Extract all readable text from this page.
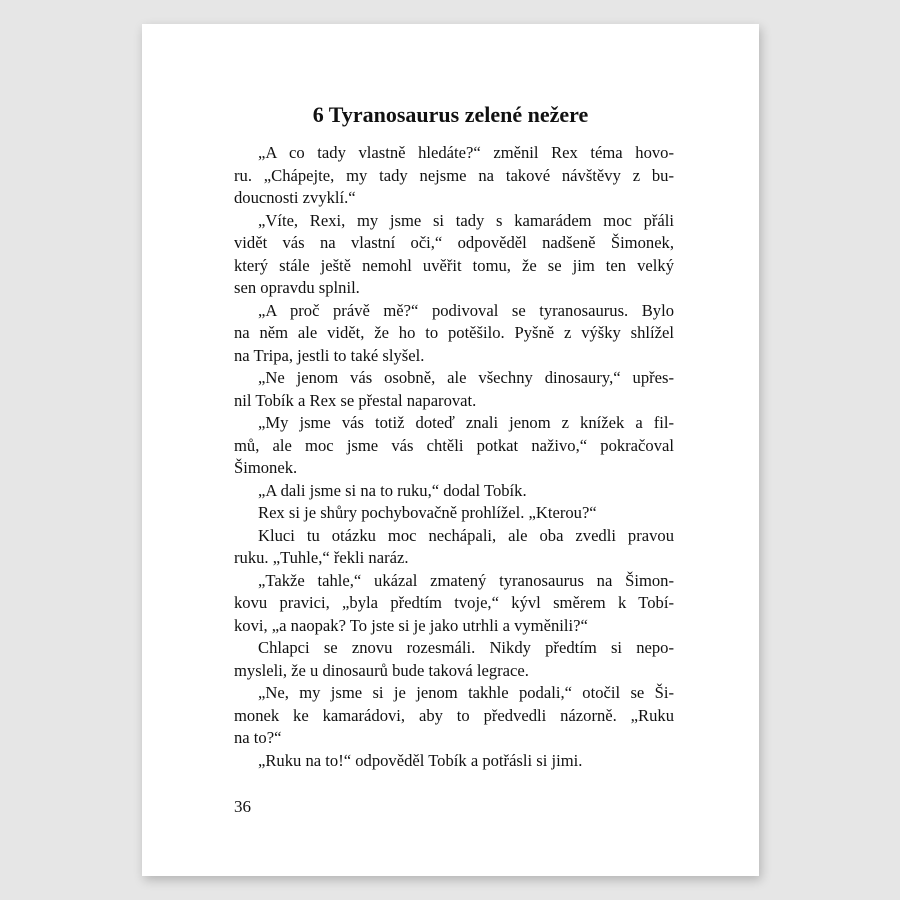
6 Tyranosaurus zelené nežere
„A co tady vlastně hledáte?“ změnil Rex téma hovo-
ru. „Chápejte, my tady nejsme na takové návštěvy z bu-
doucnosti zvyklí.“
„Víte, Rexi, my jsme si tady s kamarádem moc přáli
vidět vás na vlastní oči,“ odpověděl nadšeně Šimonek,
který stále ještě nemohl uvěřit tomu, že se jim ten velký
sen opravdu splnil.
„A proč právě mě?“ podivoval se tyranosaurus. Bylo
na něm ale vidět, že ho to potěšilo. Pyšně z výšky shlížel
na Tripa, jestli to také slyšel.
„Ne jenom vás osobně, ale všechny dinosaury,“ upřes-
nil Tobík a Rex se přestal naparovat.
„My jsme vás totiž doteď znali jenom z knížek a fil-
mů, ale moc jsme vás chtěli potkat naživo,“ pokračoval
Šimonek.
„A dali jsme si na to ruku,“ dodal Tobík.
Rex si je shůry pochybovačně prohlížel. „Kterou?“
Kluci tu otázku moc nechápali, ale oba zvedli pravou
ruku. „Tuhle,“ řekli naráz.
„Takže tahle,“ ukázal zmatený tyranosaurus na Šimon-
kovu pravici, „byla předtím tvoje,“ kývl směrem k Tobí-
kovi, „a naopak? To jste si je jako utrhli a vyměnili?“
Chlapci se znovu rozesmáli. Nikdy předtím si nepo-
mysleli, že u dinosaurů bude taková legrace.
„Ne, my jsme si je jenom takhle podali,“ otočil se Ši-
monek ke kamarádovi, aby to předvedli názorně. „Ruku
na to?“
„Ruku na to!“ odpověděl Tobík a potřásli si jimi.
36
